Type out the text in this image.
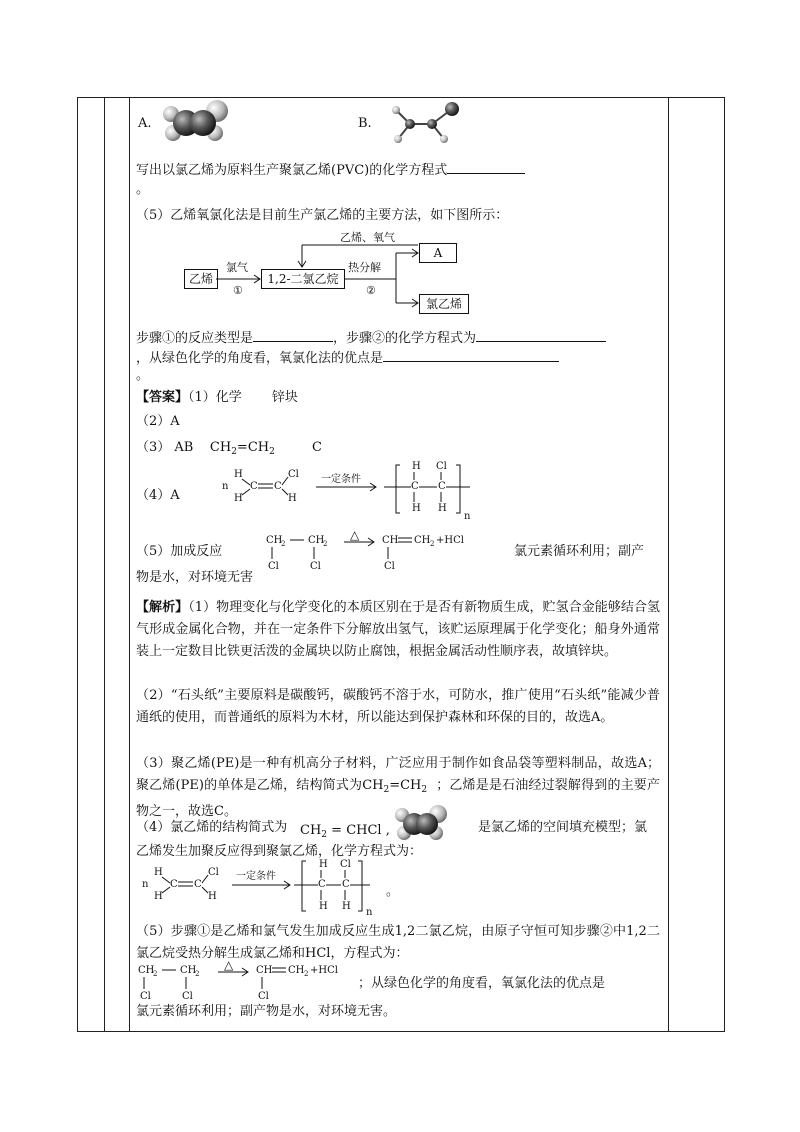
A.	B.
写出以氯乙烯为原料生产聚氯乙烯(PVC)的化学方程式
。
（5）乙烯氧氯化法是目前生产氯乙烯的主要方法，如下图所示：
乙烯
氯气
①
1,2-二氯乙烷
热分解
②
乙烯、氧气
A
氯乙烯
步骤①的反应类型是	，步骤②的化学方程式为
，从绿色化学的角度看，氧氯化法的优点是
。
【答案】（1）化学　　 锌块
（2）A
（3） AB $CH_2=CH_2$	C
（4）A
n
H
H
C C
Cl
H
一定条件
C C
H
H
Cl
H
n
（5）加成反应
CH
2 CH
2
Cl	Cl
△ CH CH 2 +HCl
Cl
氯元素循环利用；副产
物是水，对环境无害
【解析】（1）物理变化与化学变化的本质区别在于是否有新物质生成，贮氢合金能够结合氢气形成金属化合物，并在一定条件下分解放出氢气，该贮运原理属于化学变化；船身外通常装上一定数目比铁更活泼的金属块以防止腐蚀，根据金属活动性顺序表，故填锌块。
（2）“石头纸”主要原料是碳酸钙，碳酸钙不溶于水，可防水，推广使用“石头纸”能减少普通纸的使用，而普通纸的原料为木材，所以能达到保护森林和环保的目的，故选A。
（3）聚乙烯(PE)是一种有机高分子材料，广泛应用于制作如食品袋等塑料制品，故选A；聚乙烯(PE)的单体是乙烯，结构简式为$CH_2=CH_2$ ；乙烯是是石油经过裂解得到的主要产物之一，故选C。
（4）氯乙烯的结构简式为 $CH_2$ = CHCl ,	是氯乙烯的空间填充模型；氯
乙烯发生加聚反应得到聚氯乙烯，化学方程式为：
n
H
H
C C
Cl
H
一定条件
C C
H
H
Cl
H
n
。
（5）步骤①是乙烯和氯气发生加成反应生成1,2二氯乙烷，由原子守恒可知步骤②中1,2二氯乙烷受热分解生成氯乙烯和HCl，方程式为：
CH
2 CH
2
Cl	Cl
△ CH CH 2 +HCl
Cl
；从绿色化学的角度看，氧氯化法的优点是
氯元素循环利用；副产物是水，对环境无害。
